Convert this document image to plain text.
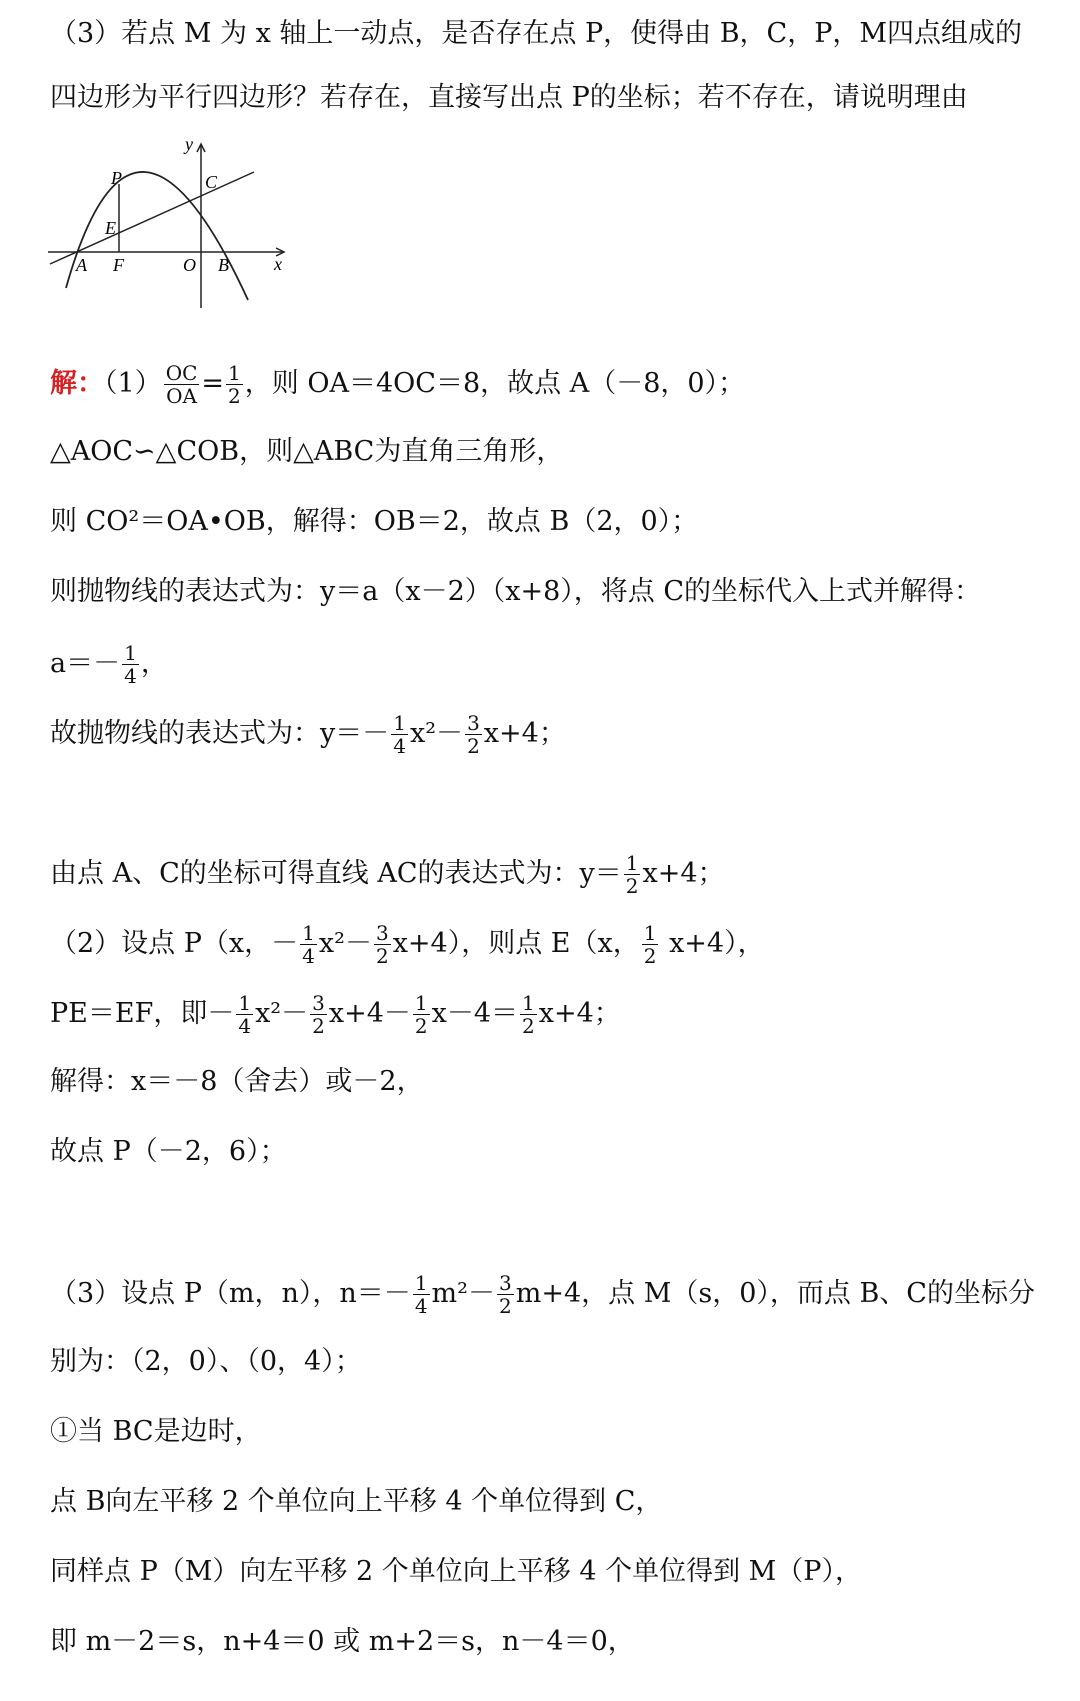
（3）若点 M 为 x 轴上一动点，是否存在点 P，使得由 B，C，P，M四点组成的
四边形为平行四边形？若存在，直接写出点 P的坐标；若不存在，请说明理由
y
x
P	C
E
A F	O B
解：$(1) \frac{OC}{OA} = \frac{1}{2}$ ，则 OA＝4OC＝8，故点 A（－8，0）；
△AOC∽△COB，则△ABC为直角三角形，
则 CO²＝OA•OB，解得：OB＝2，故点 B（2，0）；
则抛物线的表达式为：y＝a（x－2）（x+8），将点 C的坐标代入上式并解得：
$a=- \frac{1}{4}$ ，
故抛物线的表达式为：$y=- \frac{1}{4} x^2- \frac{3}{2} x+4$；
由点 A、C的坐标可得直线 AC的表达式为：$y= \frac{1}{2} x+4$；
（2）设点 P（x，－ $\frac{1}{4} x^2- \frac{3}{2} x+4$），则点 E（x， $\frac{1}{2} x+4$），
PE＝EF，即－ $\frac{1}{4} x^2- \frac{3}{2} x+4- \frac{1}{2} x-4= \frac{1}{2} x+4$；
解得：x＝－8（舍去）或－2，
故点 P（－2，6）；
（3）设点 P（m，n），$n=- \frac{1}{4} m^2- \frac{3}{2} m+4$，点 M（s，0），而点 B、C的坐标分
别为：（2，0）、（0，4）；
①当 BC是边时，
点 B向左平移 2 个单位向上平移 4 个单位得到 C，
同样点 P（M）向左平移 2 个单位向上平移 4 个单位得到 M（P），
即 m－2＝s，n+4＝0 或 m+2＝s，n－4＝0，
